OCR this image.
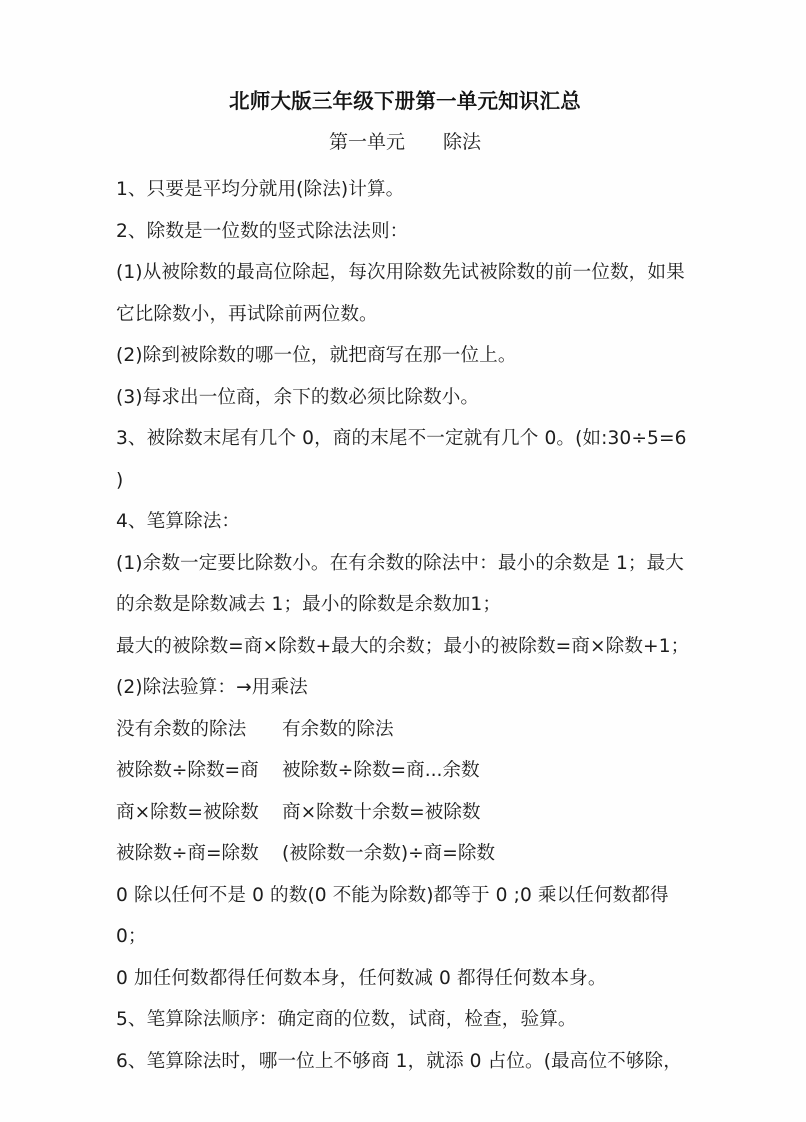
北师大版三年级下册第一单元知识汇总
第一单元　　除法

1、只要是平均分就用(除法)计算。

2、除数是一位数的竖式除法法则：

(1)从被除数的最高位除起，每次用除数先试被除数的前一位数，如果它比除数小，再试除前两位数。

(2)除到被除数的哪一位，就把商写在那一位上。

(3)每求出一位商，余下的数必须比除数小。

3、被除数末尾有几个 0，商的末尾不一定就有几个 0。(如:30÷5=6 )

4、笔算除法：

(1)余数一定要比除数小。在有余数的除法中：最小的余数是 1；最大的余数是除数减去 1；最小的除数是余数加1；

最大的被除数=商×除数+最大的余数；最小的被除数=商×除数+1；

(2)除法验算：→用乘法

没有余数的除法	有余数的除法
被除数÷除数=商	被除数÷除数=商...余数
商×除数=被除数	商×除数十余数=被除数
被除数÷商=除数	(被除数一余数)÷商=除数

0 除以任何不是 0 的数(0 不能为除数)都等于 0 ;0 乘以任何数都得 0；

0 加任何数都得任何数本身，任何数减 0 都得任何数本身。

5、笔算除法顺序：确定商的位数，试商，检查，验算。

6、笔算除法时，哪一位上不够商 1，就添 0 占位。(最高位不够除，
